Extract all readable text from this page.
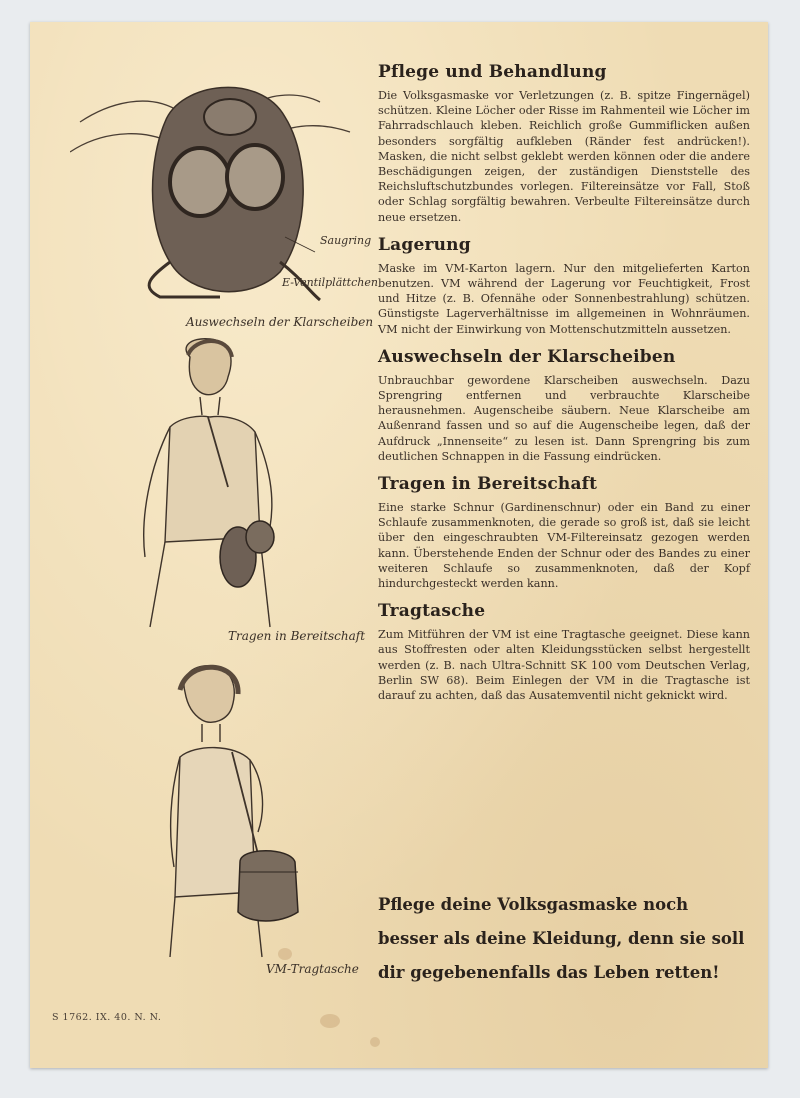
Saugring
E-Ventilplättchen
Auswechseln der Klarscheiben
Tragen in Bereitschaft
VM-Tragtasche
Pflege und Behandlung

Die Volksgasmaske vor Verletzungen (z. B. spitze Fingernägel) schützen. Kleine Löcher oder Risse im Rahmenteil wie Löcher im Fahrradschlauch kleben. Reichlich große Gummiflicken außen besonders sorgfältig aufkleben (Ränder fest andrücken!). Masken, die nicht selbst geklebt werden können oder die andere Beschädigungen zeigen, der zuständigen Dienststelle des Reichsluftschutzbundes vorlegen. Filtereinsätze vor Fall, Stoß oder Schlag sorgfältig bewahren. Verbeulte Filtereinsätze durch neue ersetzen.

Lagerung

Maske im VM-Karton lagern. Nur den mitgelieferten Karton benutzen. VM während der Lagerung vor Feuchtigkeit, Frost und Hitze (z. B. Ofennähe oder Sonnenbestrahlung) schützen. Günstigste Lagerverhältnisse im allgemeinen in Wohnräumen. VM nicht der Einwirkung von Mottenschutzmitteln aussetzen.

Auswechseln der Klarscheiben

Unbrauchbar gewordene Klarscheiben auswechseln. Dazu Sprengring entfernen und verbrauchte Klarscheibe herausnehmen. Augenscheibe säubern. Neue Klarscheibe am Außenrand fassen und so auf die Augenscheibe legen, daß der Aufdruck „Innenseite“ zu lesen ist. Dann Sprengring bis zum deutlichen Schnappen in die Fassung eindrücken.

Tragen in Bereitschaft

Eine starke Schnur (Gardinenschnur) oder ein Band zu einer Schlaufe zusammenknoten, die gerade so groß ist, daß sie leicht über den eingeschraubten VM-Filtereinsatz gezogen werden kann. Überstehende Enden der Schnur oder des Bandes zu einer weiteren Schlaufe so zusammenknoten, daß der Kopf hindurchgesteckt werden kann.

Tragtasche

Zum Mitführen der VM ist eine Tragtasche geeignet. Diese kann aus Stoffresten oder alten Kleidungsstücken selbst hergestellt werden (z. B. nach Ultra-Schnitt SK 100 vom Deutschen Verlag, Berlin SW 68). Beim Einlegen der VM in die Tragtasche ist darauf zu achten, daß das Ausatemventil nicht geknickt wird.

Pflege deine Volksgasmaske noch
besser als deine Kleidung, denn sie soll
dir gegebenenfalls das Leben retten!
S 1762. IX. 40. N. N.
